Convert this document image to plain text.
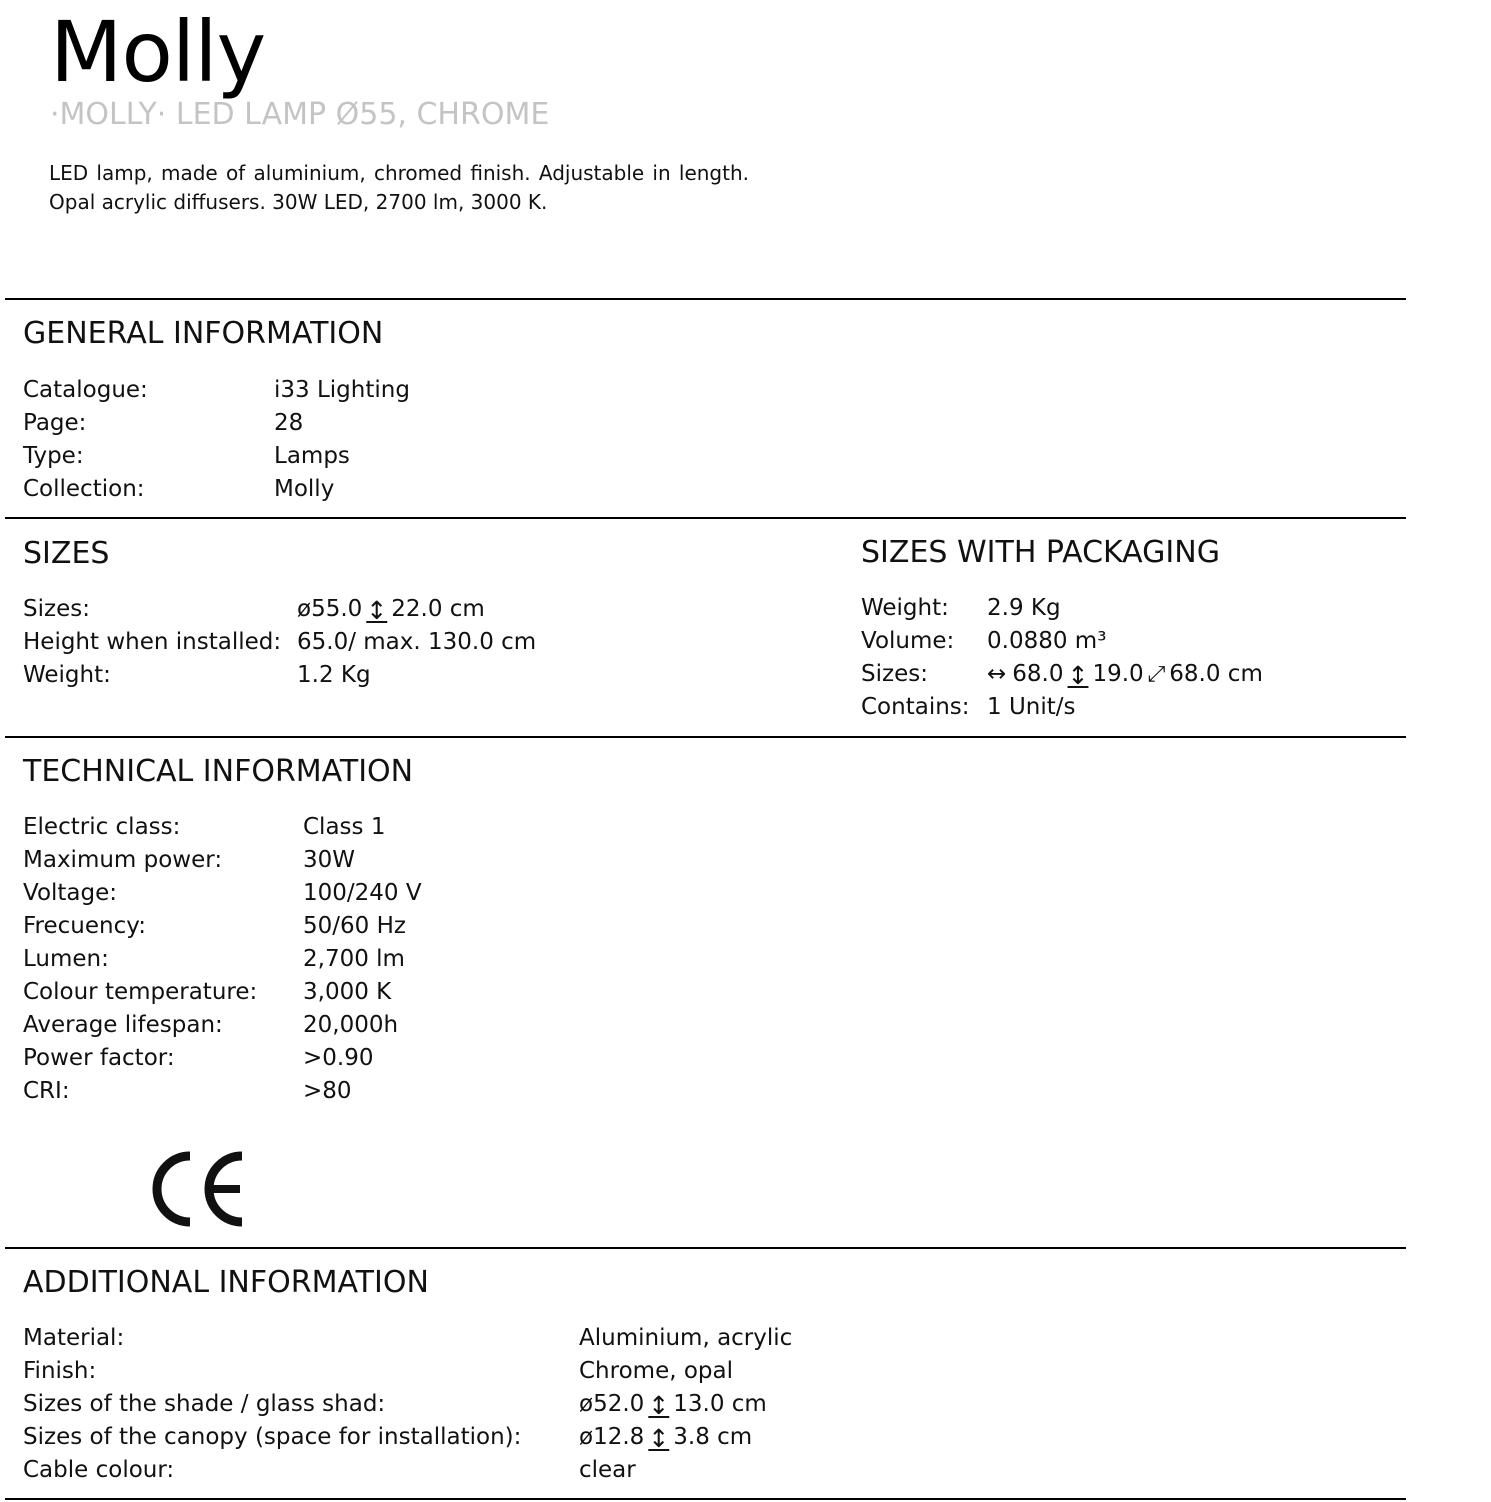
Molly
·MOLLY· LED LAMP Ø55, CHROME
LED lamp, made of aluminium, chromed finish. Adjustable in length.
Opal acrylic diffusers. 30W LED, 2700 lm, 3000 K.
GENERAL INFORMATION
Catalogue:	i33 Lighting
Page:	28
Type:	Lamps
Collection:	Molly
SIZES
Sizes:	ø55.0 ↕ 22.0 cm
Height when installed: 65.0/ max. 130.0 cm
Weight:	1.2 Kg
SIZES WITH PACKAGING
Weight:	2.9 Kg
Volume:	0.0880 m³
Sizes:	↔ 68.0 ↕ 19.0 ⤢ 68.0 cm
Contains: 1 Unit/s
TECHNICAL INFORMATION
Electric class:	Class 1
Maximum power:	30W
Voltage:	100/240 V
Frecuency:	50/60 Hz
Lumen:	2,700 lm
Colour temperature:	3,000 K
Average lifespan:	20,000h
Power factor:	>0.90
CRI:	>80
ADDITIONAL INFORMATION
Material:	Aluminium, acrylic
Finish:	Chrome, opal
Sizes of the shade / glass shad:	ø52.0 ↕ 13.0 cm
Sizes of the canopy (space for installation):	ø12.8 ↕ 3.8 cm
Cable colour:	clear
